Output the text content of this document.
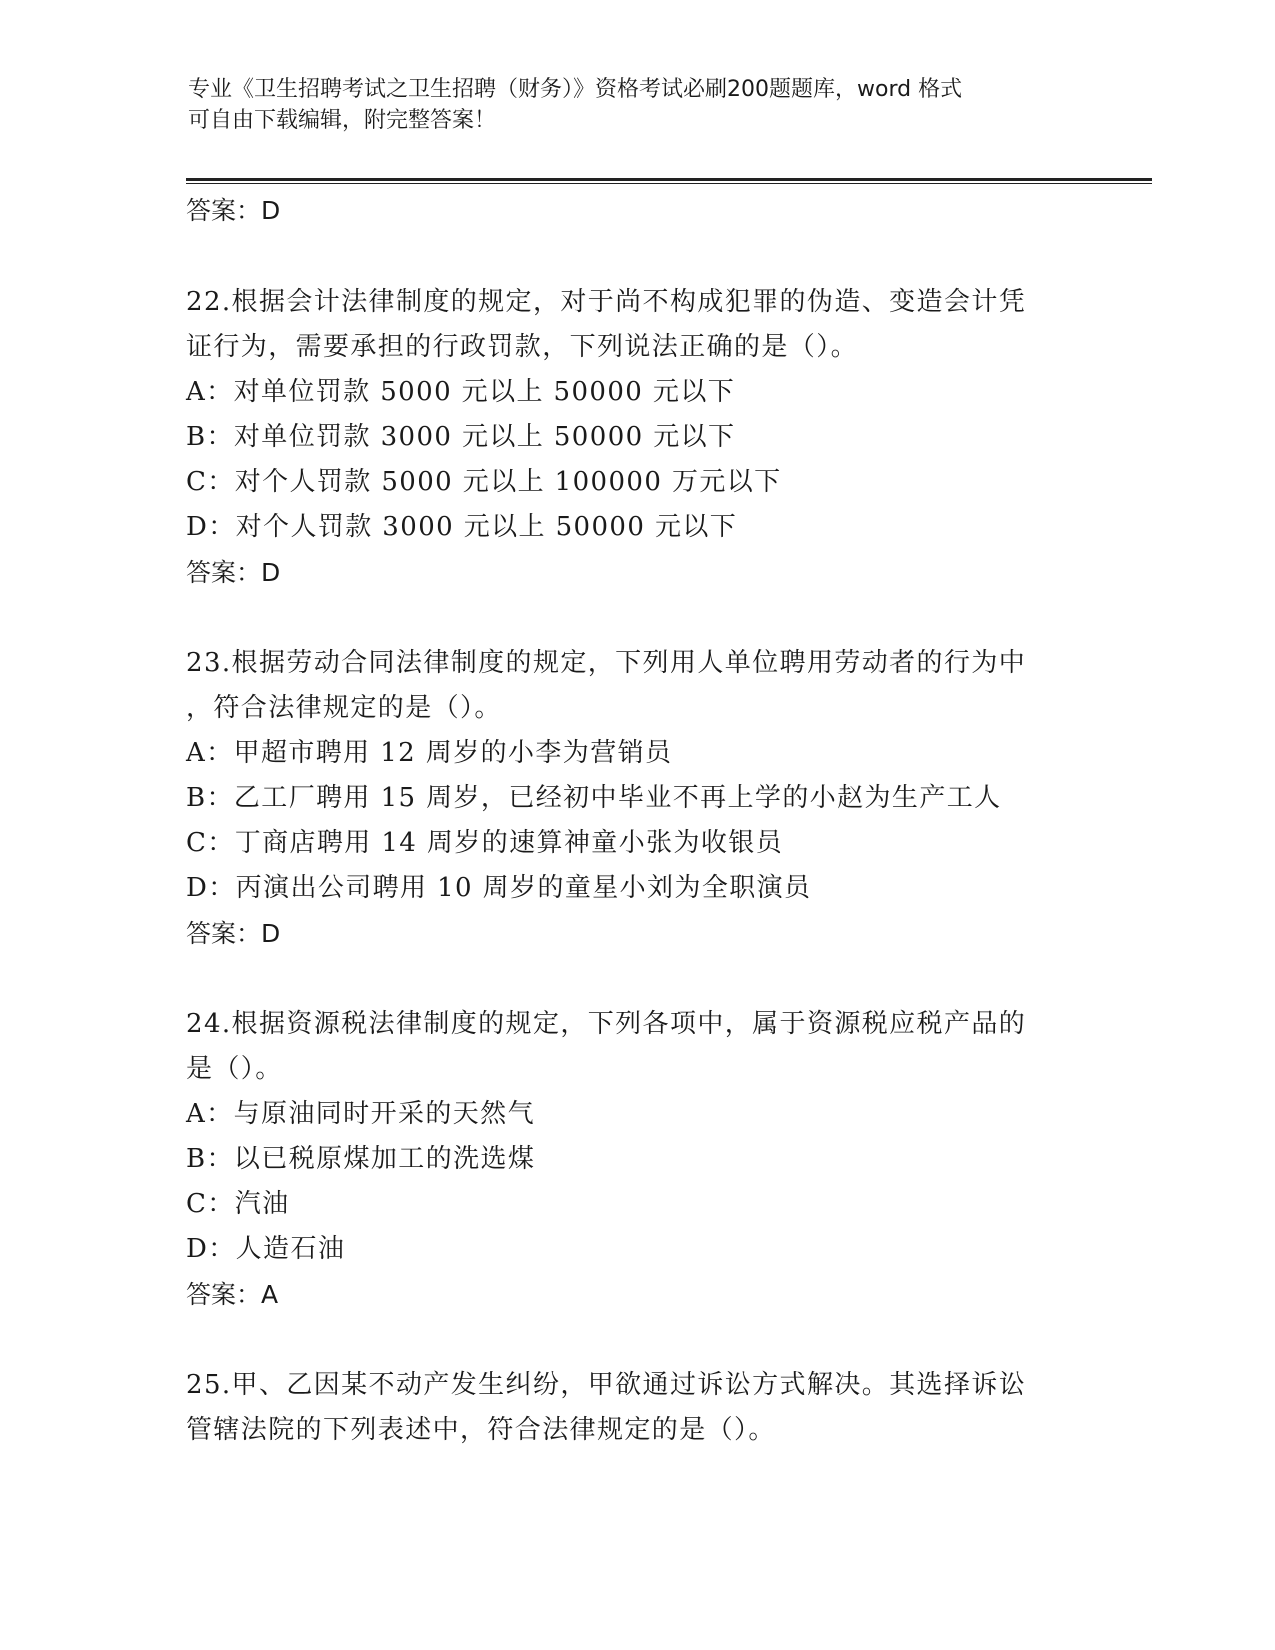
专业《卫生招聘考试之卫生招聘（财务）》资格考试必刷200题题库，word 格式
可自由下载编辑，附完整答案！
答案：D
22.根据会计法律制度的规定，对于尚不构成犯罪的伪造、变造会计凭
证行为，需要承担的行政罚款，下列说法正确的是（）。
A：对单位罚款 5000 元以上 50000 元以下
B：对单位罚款 3000 元以上 50000 元以下
C：对个人罚款 5000 元以上 100000 万元以下
D：对个人罚款 3000 元以上 50000 元以下
答案：D
23.根据劳动合同法律制度的规定，下列用人单位聘用劳动者的行为中
，符合法律规定的是（）。
A：甲超市聘用 12 周岁的小李为营销员
B：乙工厂聘用 15 周岁，已经初中毕业不再上学的小赵为生产工人
C：丁商店聘用 14 周岁的速算神童小张为收银员
D：丙演出公司聘用 10 周岁的童星小刘为全职演员
答案：D
24.根据资源税法律制度的规定，下列各项中，属于资源税应税产品的
是（）。
A：与原油同时开采的天然气
B：以已税原煤加工的洗选煤
C：汽油
D：人造石油
答案：A
25.甲、乙因某不动产发生纠纷，甲欲通过诉讼方式解决。其选择诉讼
管辖法院的下列表述中，符合法律规定的是（）。
